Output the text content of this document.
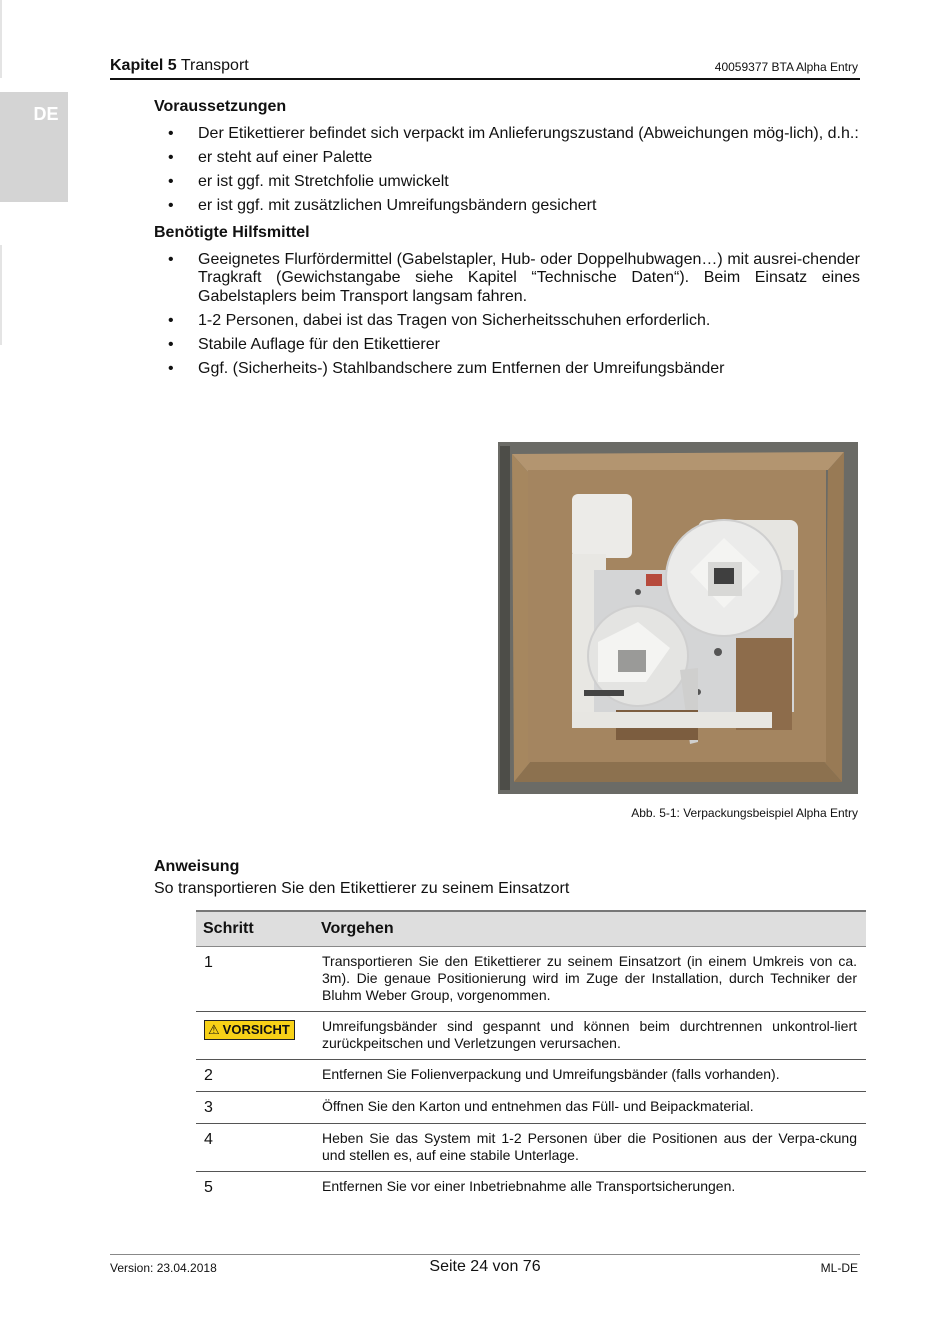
DE
Kapitel 5 Transport	40059377 BTA Alpha Entry
Voraussetzungen
• Der Etikettierer befindet sich verpackt im Anlieferungszustand (Abweichungen mög-lich), d.h.:
• er steht auf einer Palette
• er ist ggf. mit Stretchfolie umwickelt
• er ist ggf. mit zusätzlichen Umreifungsbändern gesichert
Benötigte Hilfsmittel
• Geeignetes Flurfördermittel (Gabelstapler, Hub- oder Doppelhubwagen…) mit ausrei-chender Tragkraft (Gewichstangabe siehe Kapitel “Technische Daten“). Beim Einsatz eines Gabelstaplers beim Transport langsam fahren.
• 1-2 Personen, dabei ist das Tragen von Sicherheitsschuhen erforderlich.
• Stabile Auflage für den Etikettierer
• Ggf. (Sicherheits-) Stahlbandschere zum Entfernen der Umreifungsbänder
Abb. 5-1: Verpackungsbeispiel Alpha Entry
Anweisung
So transportieren Sie den Etikettierer zu seinem Einsatzort
Schritt	Vorgehen
1	Transportieren Sie den Etikettierer zu seinem Einsatzort (in einem Umkreis von ca. 3m). Die genaue Positionierung wird im Zuge der Installation, durch Techniker der Bluhm Weber Group, vorgenommen.
⚠ VORSICHT	Umreifungsbänder sind gespannt und können beim durchtrennen unkontrol-liert zurückpeitschen und Verletzungen verursachen.
2	Entfernen Sie Folienverpackung und Umreifungsbänder (falls vorhanden).
3	Öffnen Sie den Karton und entnehmen das Füll- und Beipackmaterial.
4	Heben Sie das System mit 1-2 Personen über die Positionen aus der Verpa-ckung und stellen es, auf eine stabile Unterlage.
5	Entfernen Sie vor einer Inbetriebnahme alle Transportsicherungen.
Version: 23.04.2018	Seite 24 von 76	ML-DE
